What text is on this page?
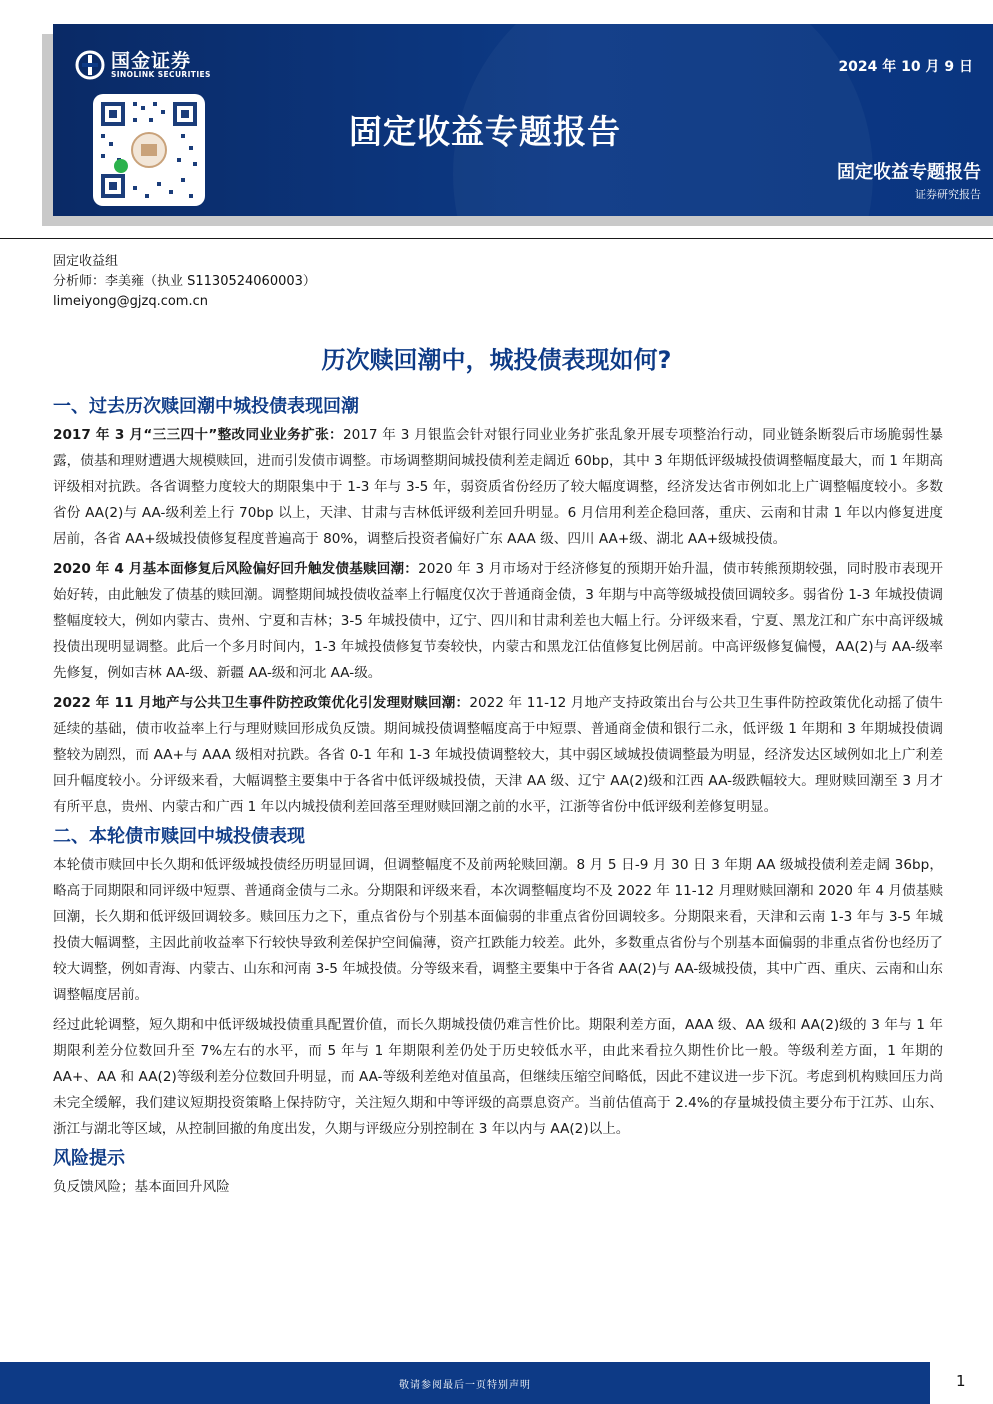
国金证券
SINOLINK SECURITIES	2024 年 10 月 9 日
固定收益专题报告
固定收益专题报告
证券研究报告
固定收益组
分析师：李美雍（执业 S1130524060003）
limeiyong@gjzq.com.cn
历次赎回潮中，城投债表现如何?
一、过去历次赎回潮中城投债表现回潮

2017 年 3 月“三三四十”整改同业业务扩张：2017 年 3 月银监会针对银行同业业务扩张乱象开展专项整治行动，同业链条断裂后市场脆弱性暴露，债基和理财遭遇大规模赎回，进而引发债市调整。市场调整期间城投债利差走阔近 60bp，其中 3 年期低评级城投债调整幅度最大，而 1 年期高评级相对抗跌。各省调整力度较大的期限集中于 1-3 年与 3-5 年，弱资质省份经历了较大幅度调整，经济发达省市例如北上广调整幅度较小。多数省份 AA(2)与 AA-级利差上行 70bp 以上，天津、甘肃与吉林低评级利差回升明显。6 月信用利差企稳回落，重庆、云南和甘肃 1 年以内修复进度居前，各省 AA+级城投债修复程度普遍高于 80%，调整后投资者偏好广东 AAA 级、四川 AA+级、湖北 AA+级城投债。

2020 年 4 月基本面修复后风险偏好回升触发债基赎回潮：2020 年 3 月市场对于经济修复的预期开始升温，债市转熊预期较强，同时股市表现开始好转，由此触发了债基的赎回潮。调整期间城投债收益率上行幅度仅次于普通商金债，3 年期与中高等级城投债回调较多。弱省份 1-3 年城投债调整幅度较大，例如内蒙古、贵州、宁夏和吉林；3-5 年城投债中，辽宁、四川和甘肃利差也大幅上行。分评级来看，宁夏、黑龙江和广东中高评级城投债出现明显调整。此后一个多月时间内，1-3 年城投债修复节奏较快，内蒙古和黑龙江估值修复比例居前。中高评级修复偏慢，AA(2)与 AA-级率先修复，例如吉林 AA-级、新疆 AA-级和河北 AA-级。

2022 年 11 月地产与公共卫生事件防控政策优化引发理财赎回潮：2022 年 11-12 月地产支持政策出台与公共卫生事件防控政策优化动摇了债牛延续的基础，债市收益率上行与理财赎回形成负反馈。期间城投债调整幅度高于中短票、普通商金债和银行二永，低评级 1 年期和 3 年期城投债调整较为剧烈，而 AA+与 AAA 级相对抗跌。各省 0-1 年和 1-3 年城投债调整较大，其中弱区域城投债调整最为明显，经济发达区域例如北上广利差回升幅度较小。分评级来看，大幅调整主要集中于各省中低评级城投债，天津 AA 级、辽宁 AA(2)级和江西 AA-级跌幅较大。理财赎回潮至 3 月才有所平息，贵州、内蒙古和广西 1 年以内城投债利差回落至理财赎回潮之前的水平，江浙等省份中低评级利差修复明显。

二、本轮债市赎回中城投债表现

本轮债市赎回中长久期和低评级城投债经历明显回调，但调整幅度不及前两轮赎回潮。8 月 5 日-9 月 30 日 3 年期 AA 级城投债利差走阔 36bp，略高于同期限和同评级中短票、普通商金债与二永。分期限和评级来看，本次调整幅度均不及 2022 年 11-12 月理财赎回潮和 2020 年 4 月债基赎回潮，长久期和低评级回调较多。赎回压力之下，重点省份与个别基本面偏弱的非重点省份回调较多。分期限来看，天津和云南 1-3 年与 3-5 年城投债大幅调整，主因此前收益率下行较快导致利差保护空间偏薄，资产扛跌能力较差。此外，多数重点省份与个别基本面偏弱的非重点省份也经历了较大调整，例如青海、内蒙古、山东和河南 3-5 年城投债。分等级来看，调整主要集中于各省 AA(2)与 AA-级城投债，其中广西、重庆、云南和山东调整幅度居前。

经过此轮调整，短久期和中低评级城投债重具配置价值，而长久期城投债仍难言性价比。期限利差方面，AAA 级、AA 级和 AA(2)级的 3 年与 1 年期限利差分位数回升至 7%左右的水平，而 5 年与 1 年期限利差仍处于历史较低水平，由此来看拉久期性价比一般。等级利差方面，1 年期的 AA+、AA 和 AA(2)等级利差分位数回升明显，而 AA-等级利差绝对值虽高，但继续压缩空间略低，因此不建议进一步下沉。考虑到机构赎回压力尚未完全缓解，我们建议短期投资策略上保持防守，关注短久期和中等评级的高票息资产。当前估值高于 2.4%的存量城投债主要分布于江苏、山东、浙江与湖北等区域，从控制回撤的角度出发，久期与评级应分别控制在 3 年以内与 AA(2)以上。

风险提示

负反馈风险；基本面回升风险

敬请参阅最后一页特别声明	1
